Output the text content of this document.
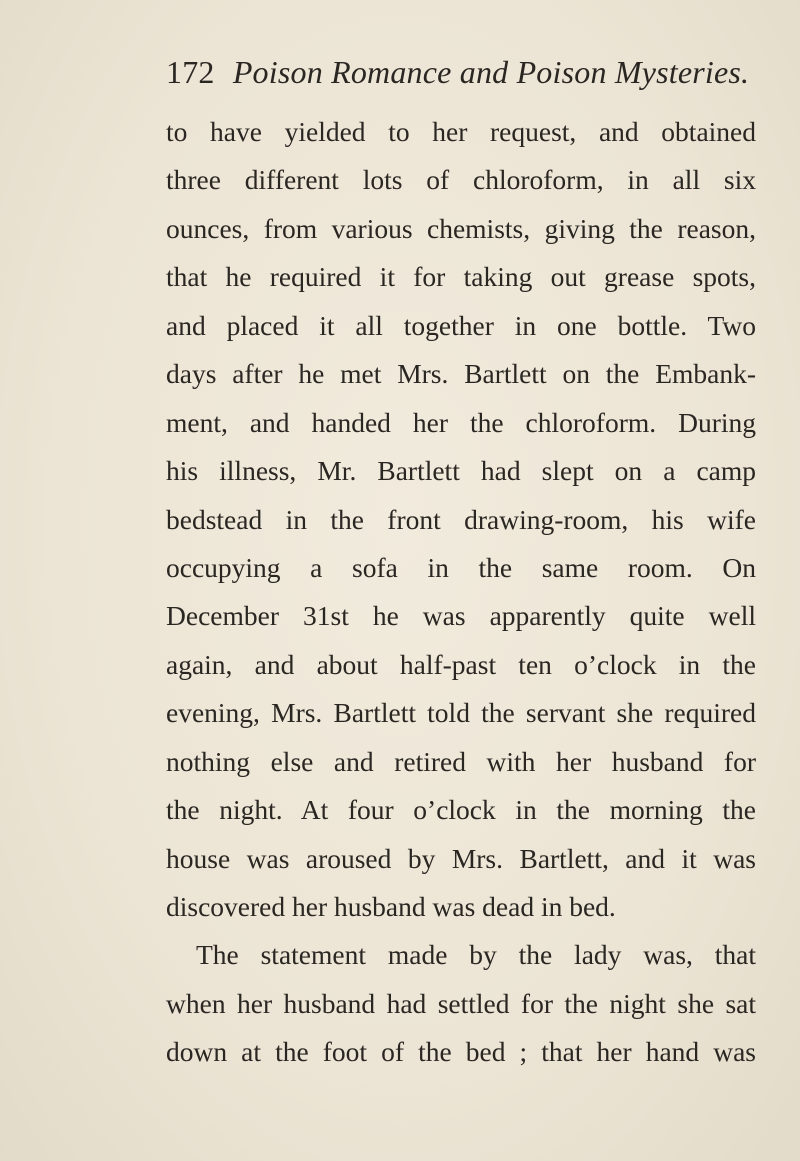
172 Poison Romance and Poison Mysteries.
to have yielded to her request, and obtained
three different lots of chloroform, in all six
ounces, from various chemists, giving the reason,
that he required it for taking out grease spots,
and placed it all together in one bottle. Two
days after he met Mrs. Bartlett on the Embank-
ment, and handed her the chloroform. During
his illness, Mr. Bartlett had slept on a camp
bedstead in the front drawing-room, his wife
occupying a sofa in the same room. On
December 31st he was apparently quite well
again, and about half-past ten o’clock in the
evening, Mrs. Bartlett told the servant she required
nothing else and retired with her husband for
the night. At four o’clock in the morning the
house was aroused by Mrs. Bartlett, and it was
discovered her husband was dead in bed.
The statement made by the lady was, that
when her husband had settled for the night she sat
down at the foot of the bed ; that her hand was
